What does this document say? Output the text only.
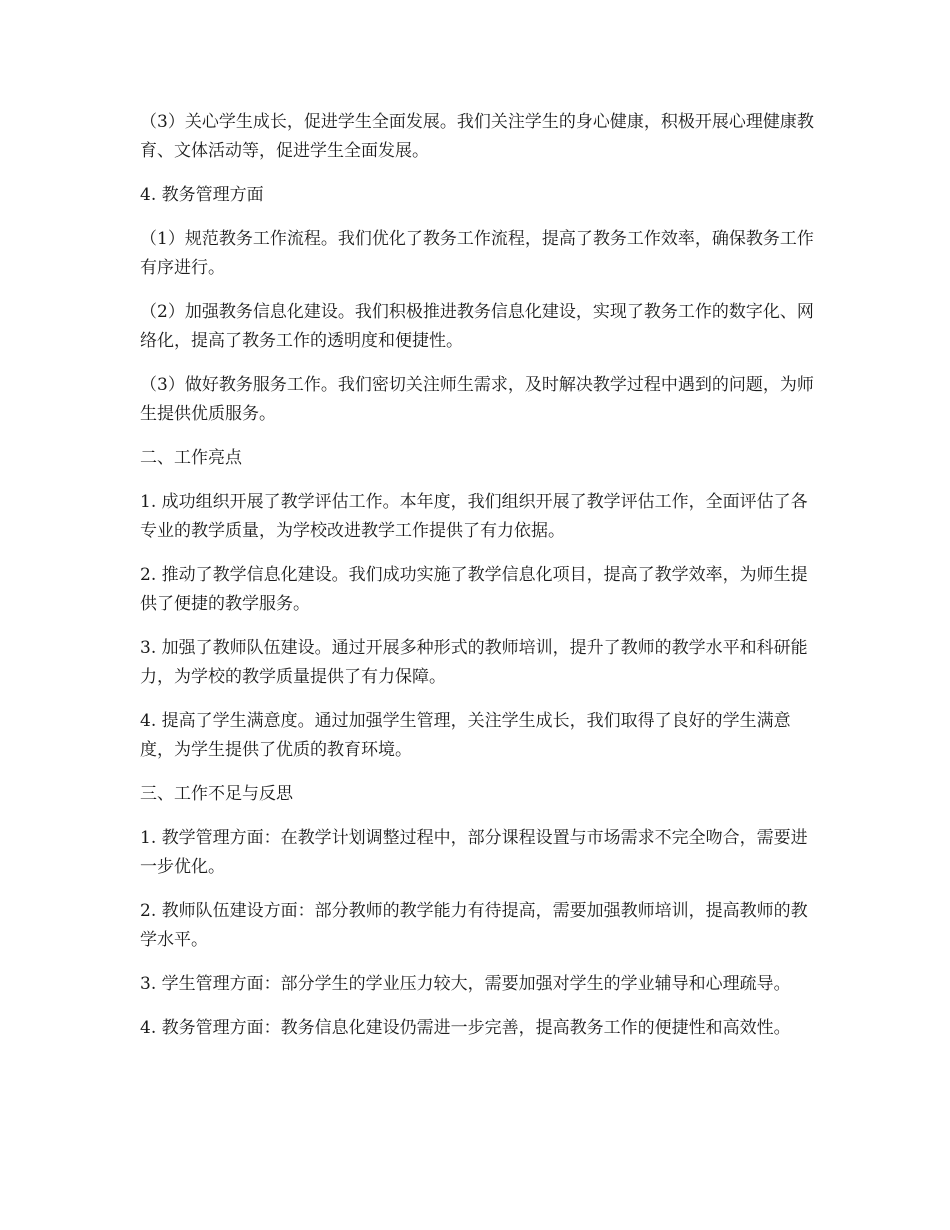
（3）关心学生成长，促进学生全面发展。我们关注学生的身心健康，积极开展心理健康教育、文体活动等，促进学生全面发展。

4. 教务管理方面

（1）规范教务工作流程。我们优化了教务工作流程，提高了教务工作效率，确保教务工作有序进行。

（2）加强教务信息化建设。我们积极推进教务信息化建设，实现了教务工作的数字化、网络化，提高了教务工作的透明度和便捷性。

（3）做好教务服务工作。我们密切关注师生需求，及时解决教学过程中遇到的问题，为师生提供优质服务。

二、工作亮点

1. 成功组织开展了教学评估工作。本年度，我们组织开展了教学评估工作，全面评估了各专业的教学质量，为学校改进教学工作提供了有力依据。

2. 推动了教学信息化建设。我们成功实施了教学信息化项目，提高了教学效率，为师生提供了便捷的教学服务。

3. 加强了教师队伍建设。通过开展多种形式的教师培训，提升了教师的教学水平和科研能力，为学校的教学质量提供了有力保障。

4. 提高了学生满意度。通过加强学生管理，关注学生成长，我们取得了良好的学生满意度，为学生提供了优质的教育环境。

三、工作不足与反思

1. 教学管理方面：在教学计划调整过程中，部分课程设置与市场需求不完全吻合，需要进一步优化。

2. 教师队伍建设方面：部分教师的教学能力有待提高，需要加强教师培训，提高教师的教学水平。

3. 学生管理方面：部分学生的学业压力较大，需要加强对学生的学业辅导和心理疏导。

4. 教务管理方面：教务信息化建设仍需进一步完善，提高教务工作的便捷性和高效性。
